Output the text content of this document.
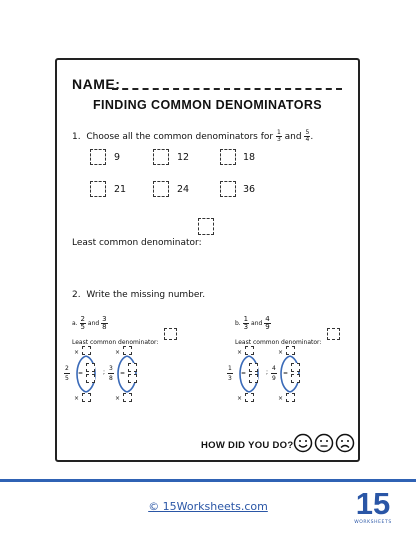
NAME:
FINDING COMMON DENOMINATORS
1. Choose all the common denominators for $\frac{1}{3}$ and $\frac{5}{4}$ .
9	12	18
21	24	36
Least common denominator:
2. Write the missing number.
a. $\frac{2}{5}$ and $\frac{3}{8}$
Least common denominator:
×
2
5
=
×
;
×
3
8
=
×
b. $\frac{1}{3}$ and $\frac{4}{9}$
Least common denominator:
×
1
3
=
×
;
×
4
9
=
×
HOW DID YOU DO?
© 15Worksheets.com	15
WORKSHEETS
